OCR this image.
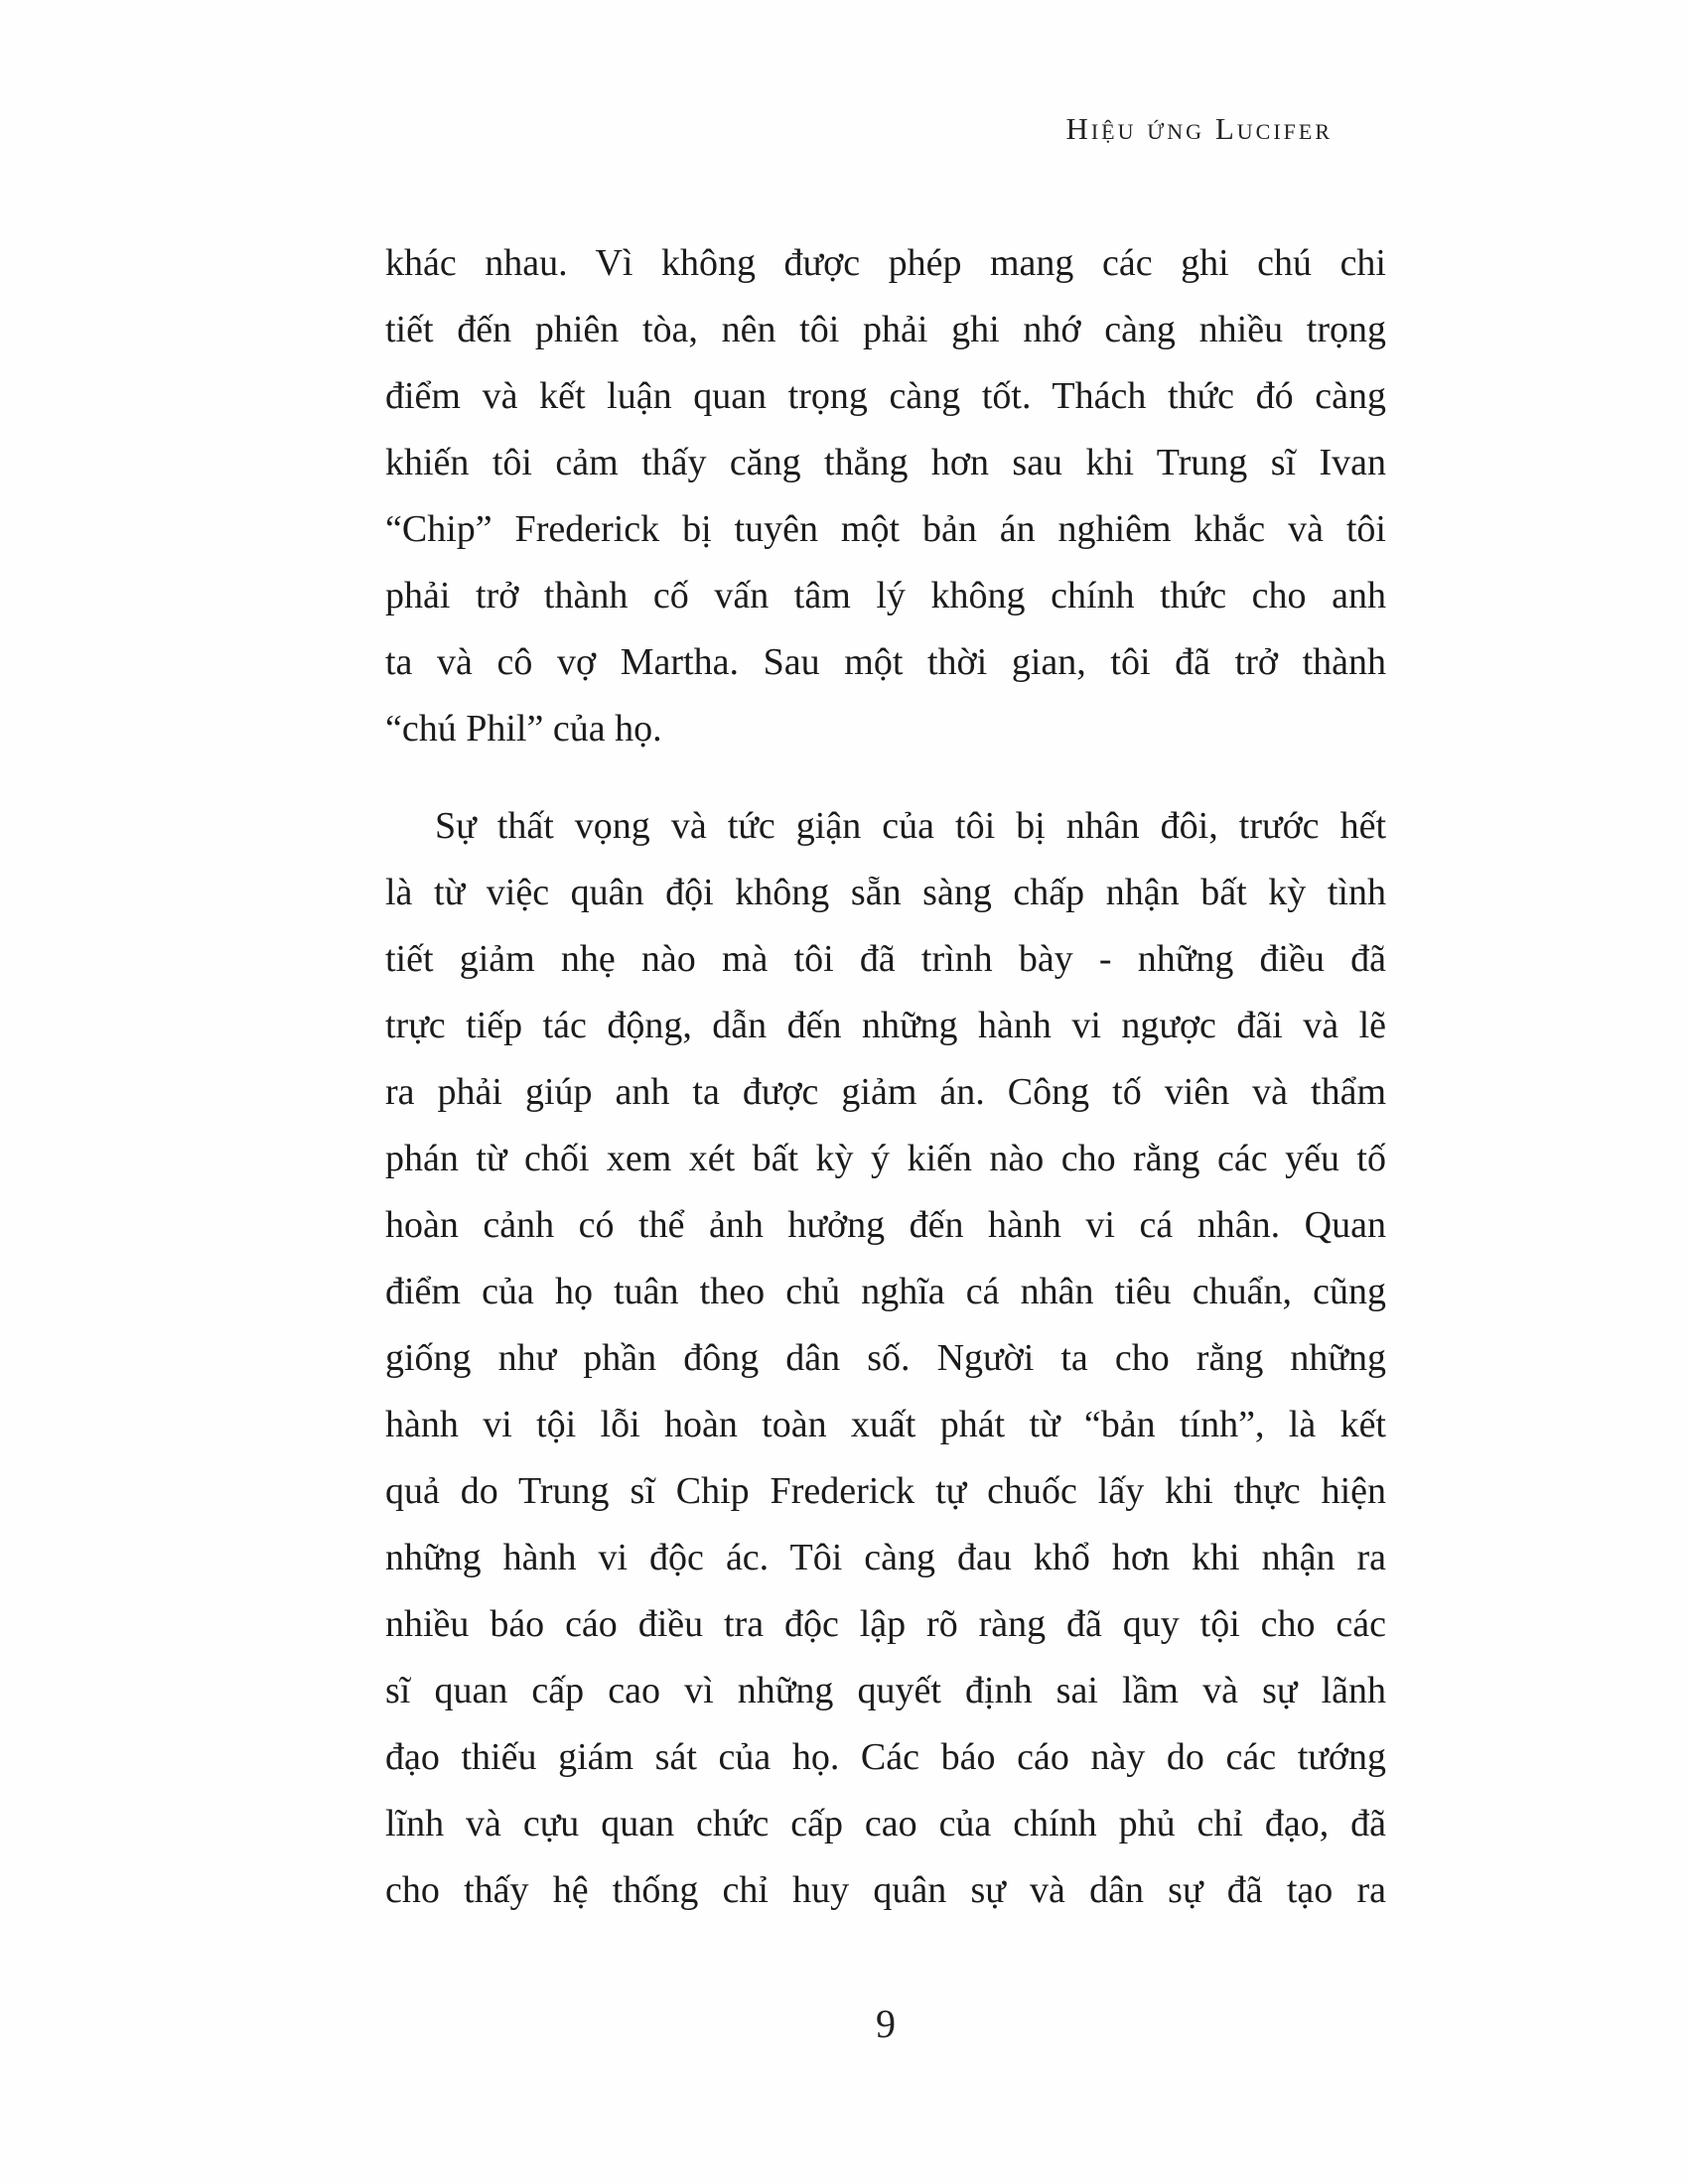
Hiệu ứng Lucifer
khác nhau. Vì không được phép mang các ghi chú chi
tiết đến phiên tòa, nên tôi phải ghi nhớ càng nhiều trọng
điểm và kết luận quan trọng càng tốt. Thách thức đó càng
khiến tôi cảm thấy căng thẳng hơn sau khi Trung sĩ Ivan
“Chip” Frederick bị tuyên một bản án nghiêm khắc và tôi
phải trở thành cố vấn tâm lý không chính thức cho anh
ta và cô vợ Martha. Sau một thời gian, tôi đã trở thành
“chú Phil” của họ.
Sự thất vọng và tức giận của tôi bị nhân đôi, trước hết
là từ việc quân đội không sẵn sàng chấp nhận bất kỳ tình
tiết giảm nhẹ nào mà tôi đã trình bày - những điều đã
trực tiếp tác động, dẫn đến những hành vi ngược đãi và lẽ
ra phải giúp anh ta được giảm án. Công tố viên và thẩm
phán từ chối xem xét bất kỳ ý kiến nào cho rằng các yếu tố
hoàn cảnh có thể ảnh hưởng đến hành vi cá nhân. Quan
điểm của họ tuân theo chủ nghĩa cá nhân tiêu chuẩn, cũng
giống như phần đông dân số. Người ta cho rằng những
hành vi tội lỗi hoàn toàn xuất phát từ “bản tính”, là kết
quả do Trung sĩ Chip Frederick tự chuốc lấy khi thực hiện
những hành vi độc ác. Tôi càng đau khổ hơn khi nhận ra
nhiều báo cáo điều tra độc lập rõ ràng đã quy tội cho các
sĩ quan cấp cao vì những quyết định sai lầm và sự lãnh
đạo thiếu giám sát của họ. Các báo cáo này do các tướng
lĩnh và cựu quan chức cấp cao của chính phủ chỉ đạo, đã
cho thấy hệ thống chỉ huy quân sự và dân sự đã tạo ra
9
